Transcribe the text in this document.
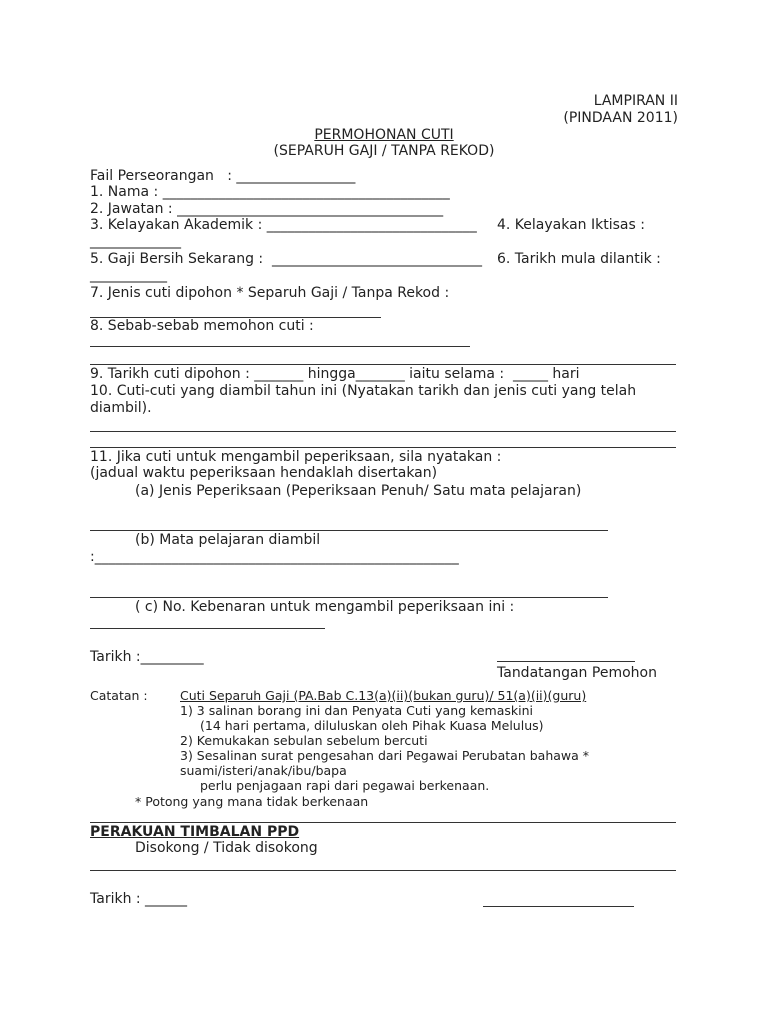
LAMPIRAN II
(PINDAAN 2011)
PERMOHONAN CUTI
(SEPARUH GAJI / TANPA REKOD)
Fail Perseorangan   : _________________
1. Nama : _________________________________________
2. Jawatan : ______________________________________
3. Kelayakan Akademik : ______________________________ 4. Kelayakan Iktisas :
_____________
5. Gaji Bersih Sekarang :  ______________________________ 6. Tarikh mula dilantik :
___________
7. Jenis cuti dipohon * Separuh Gaji / Tanpa Rekod :
8. Sebab-sebab memohon cuti :
9. Tarikh cuti dipohon : _______ hingga_______ iaitu selama :  _____ hari
10. Cuti-cuti yang diambil tahun ini (Nyatakan tarikh dan jenis cuti yang telah
diambil).
11. Jika cuti untuk mengambil peperiksaan, sila nyatakan :
(jadual waktu peperiksaan hendaklah disertakan)
(a) Jenis Peperiksaan (Peperiksaan Penuh/ Satu mata pelajaran)
(b) Mata pelajaran diambil
:____________________________________________________
( c) No. Kebenaran untuk mengambil peperiksaan ini :
Tarikh :_________
Tandatangan Pemohon
Catatan :	Cuti Separuh Gaji (PA.Bab C.13(a)(ii)(bukan guru)/ 51(a)(ii)(guru)
1) 3 salinan borang ini dan Penyata Cuti yang kemaskini
(14 hari pertama, diluluskan oleh Pihak Kuasa Melulus)
2) Kemukakan sebulan sebelum bercuti
3) Sesalinan surat pengesahan dari Pegawai Perubatan bahawa *
suami/isteri/anak/ibu/bapa
perlu penjagaan rapi dari pegawai berkenaan.
* Potong yang mana tidak berkenaan
PERAKUAN TIMBALAN PPD
Disokong / Tidak disokong
Tarikh : ______
